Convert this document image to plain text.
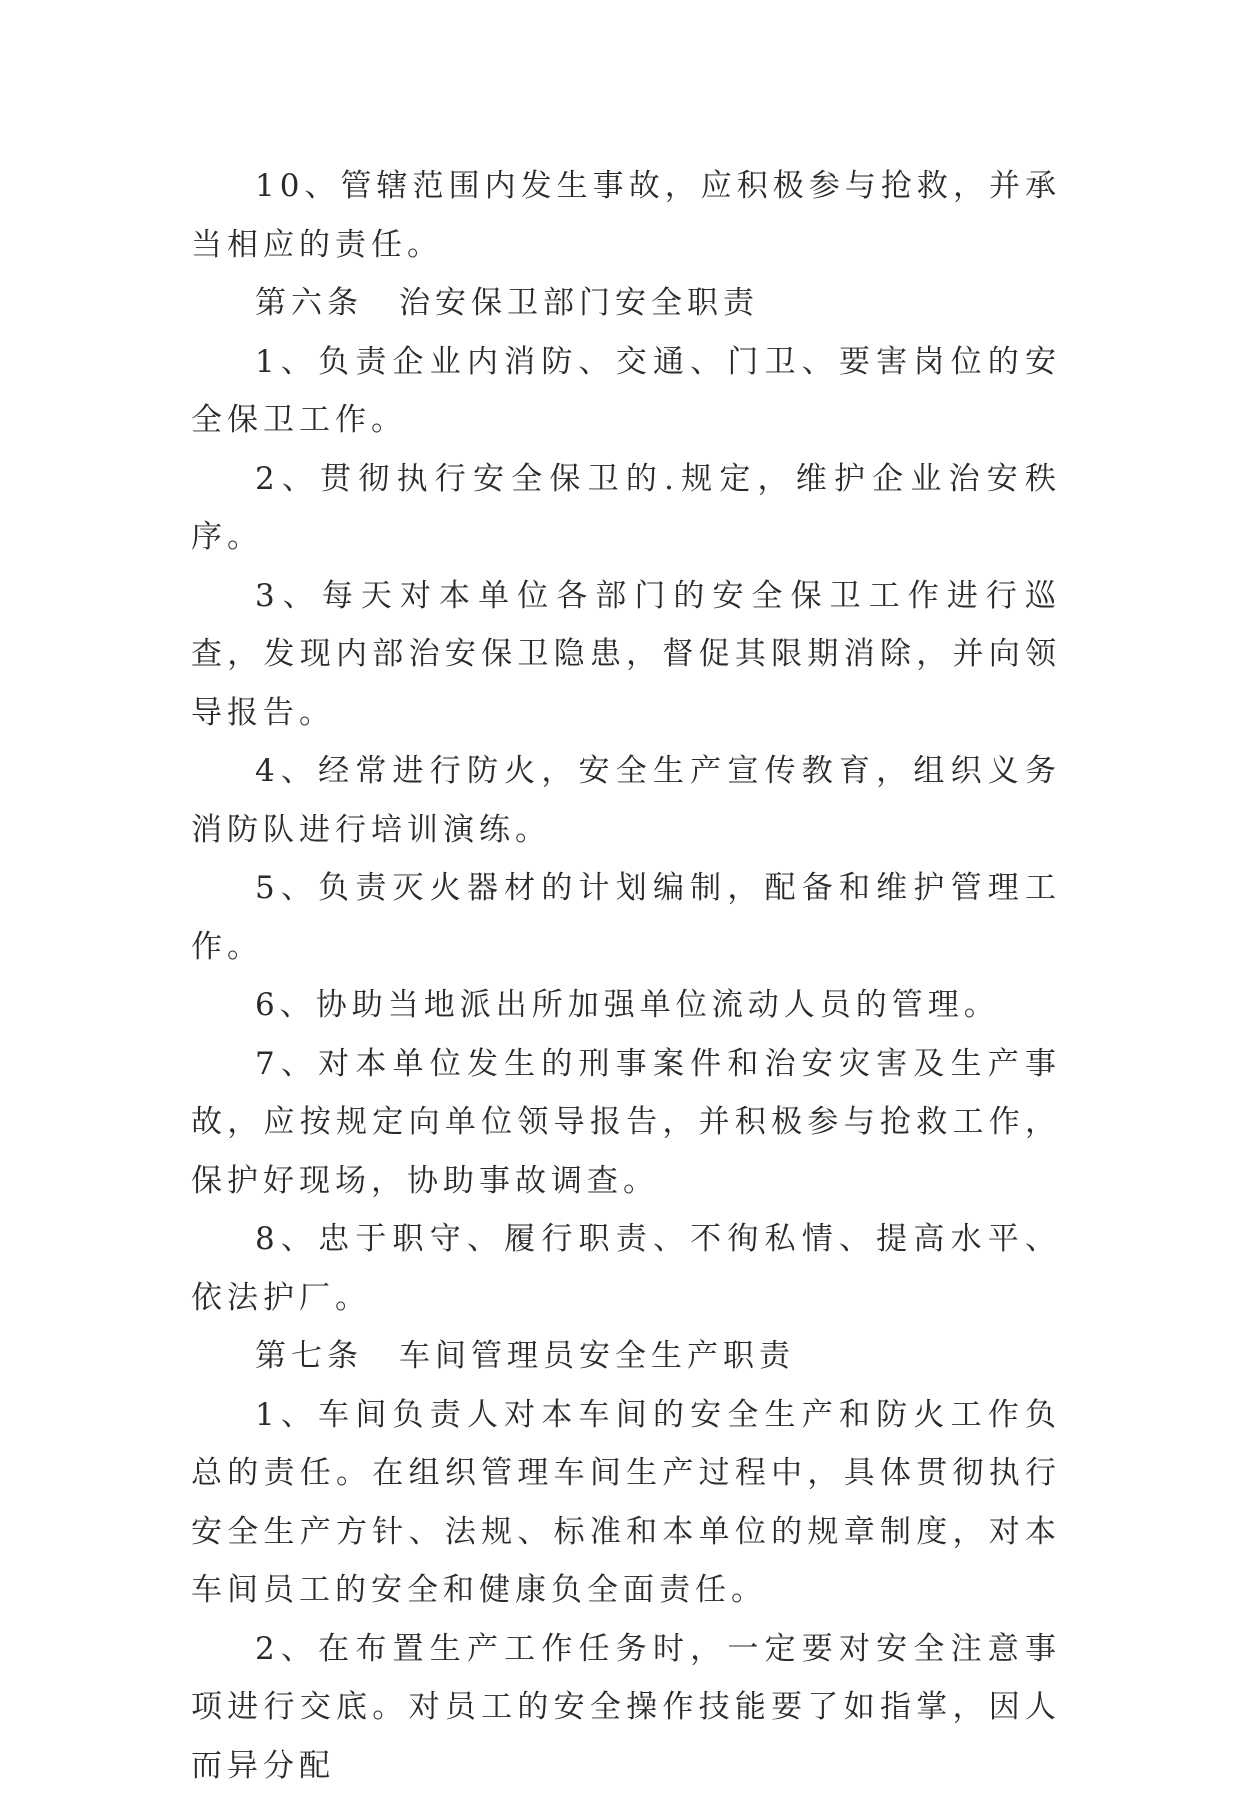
10、管辖范围内发生事故，应积极参与抢救，并承当相应的责任。

第六条　治安保卫部门安全职责

1、负责企业内消防、交通、门卫、要害岗位的安全保卫工作。

2、贯彻执行安全保卫的.规定，维护企业治安秩序。

3、每天对本单位各部门的安全保卫工作进行巡查，发现内部治安保卫隐患，督促其限期消除，并向领导报告。

4、经常进行防火，安全生产宣传教育，组织义务消防队进行培训演练。

5、负责灭火器材的计划编制，配备和维护管理工作。

6、协助当地派出所加强单位流动人员的管理。

7、对本单位发生的刑事案件和治安灾害及生产事故，应按规定向单位领导报告，并积极参与抢救工作，保护好现场，协助事故调查。

8、忠于职守、履行职责、不徇私情、提高水平、依法护厂。

第七条　车间管理员安全生产职责

1、车间负责人对本车间的安全生产和防火工作负总的责任。在组织管理车间生产过程中，具体贯彻执行安全生产方针、法规、标准和本单位的规章制度，对本车间员工的安全和健康负全面责任。

2、在布置生产工作任务时，一定要对安全注意事项进行交底。对员工的安全操作技能要了如指掌，因人而异分配
